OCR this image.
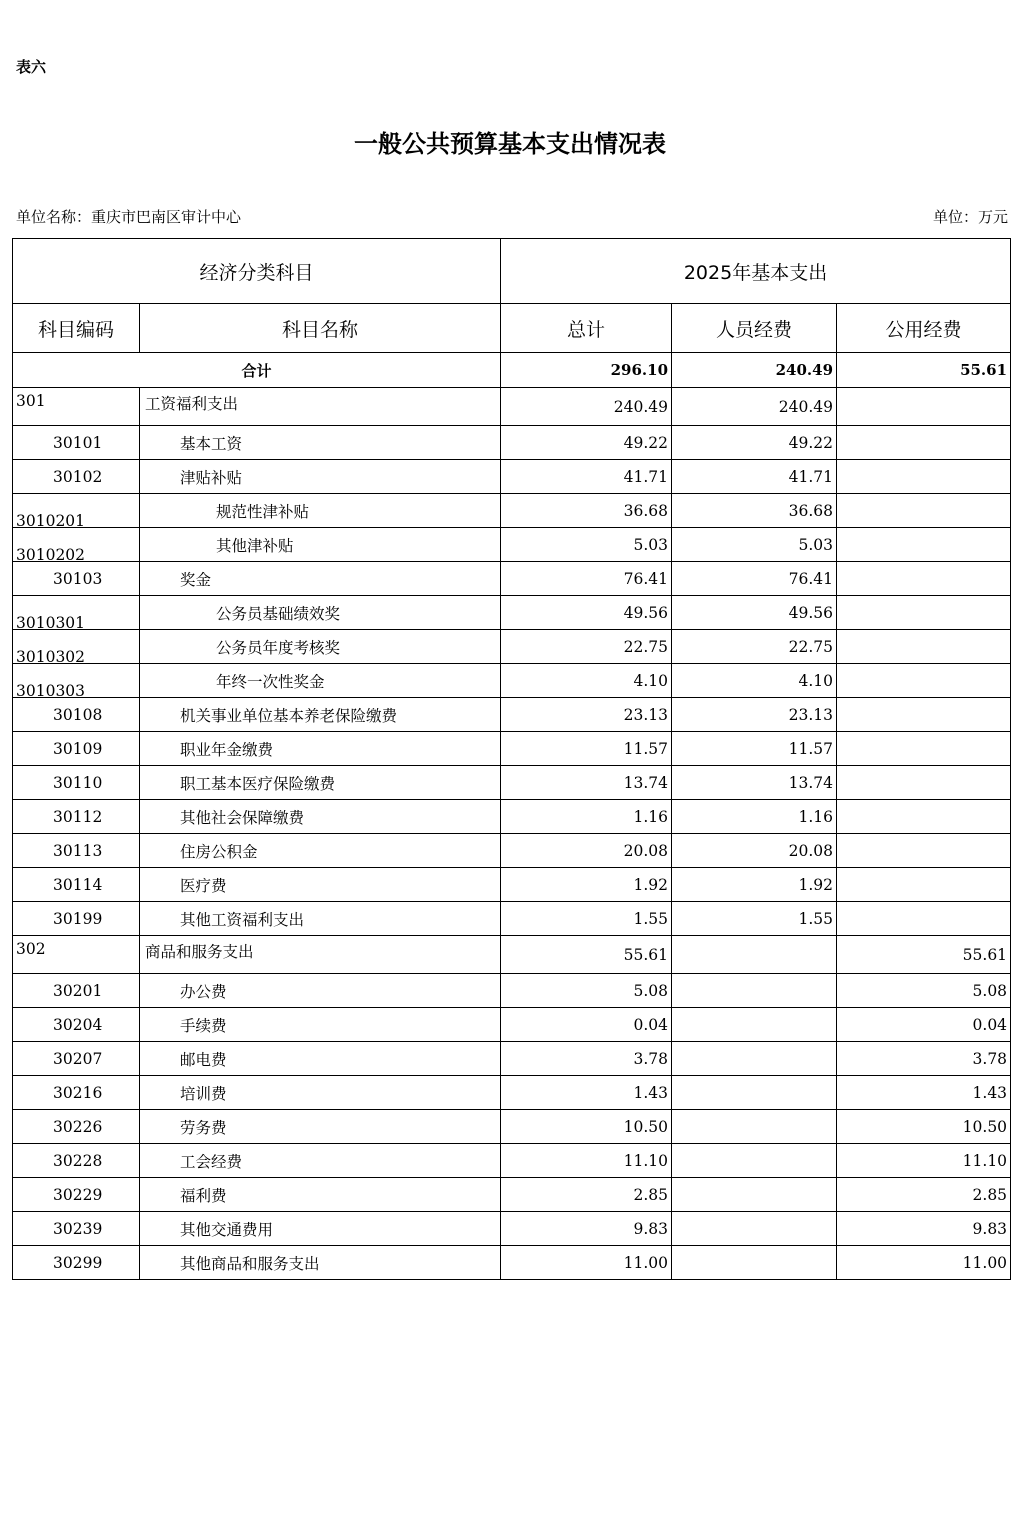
表六
一般公共预算基本支出情况表
单位名称：重庆市巴南区审计中心	单位：万元
经济分类科目		2025年基本支出		
科目编码	科目名称	总计	人员经费	公用经费
合计		296.10	240.49	55.61
301	工资福利支出	240.49	240.49	
30101	基本工资	49.22	49.22	
30102	津贴补贴	41.71	41.71	
3010201	规范性津补贴	36.68	36.68	
3010202	其他津补贴	5.03	5.03	
30103	奖金	76.41	76.41	
3010301	公务员基础绩效奖	49.56	49.56	
3010302	公务员年度考核奖	22.75	22.75	
3010303	年终一次性奖金	4.10	4.10	
30108	机关事业单位基本养老保险缴费	23.13	23.13	
30109	职业年金缴费	11.57	11.57	
30110	职工基本医疗保险缴费	13.74	13.74	
30112	其他社会保障缴费	1.16	1.16	
30113	住房公积金	20.08	20.08	
30114	医疗费	1.92	1.92	
30199	其他工资福利支出	1.55	1.55	
302	商品和服务支出	55.61		55.61
30201	办公费	5.08		5.08
30204	手续费	0.04		0.04
30207	邮电费	3.78		3.78
30216	培训费	1.43		1.43
30226	劳务费	10.50		10.50
30228	工会经费	11.10		11.10
30229	福利费	2.85		2.85
30239	其他交通费用	9.83		9.83
30299	其他商品和服务支出	11.00		11.00
